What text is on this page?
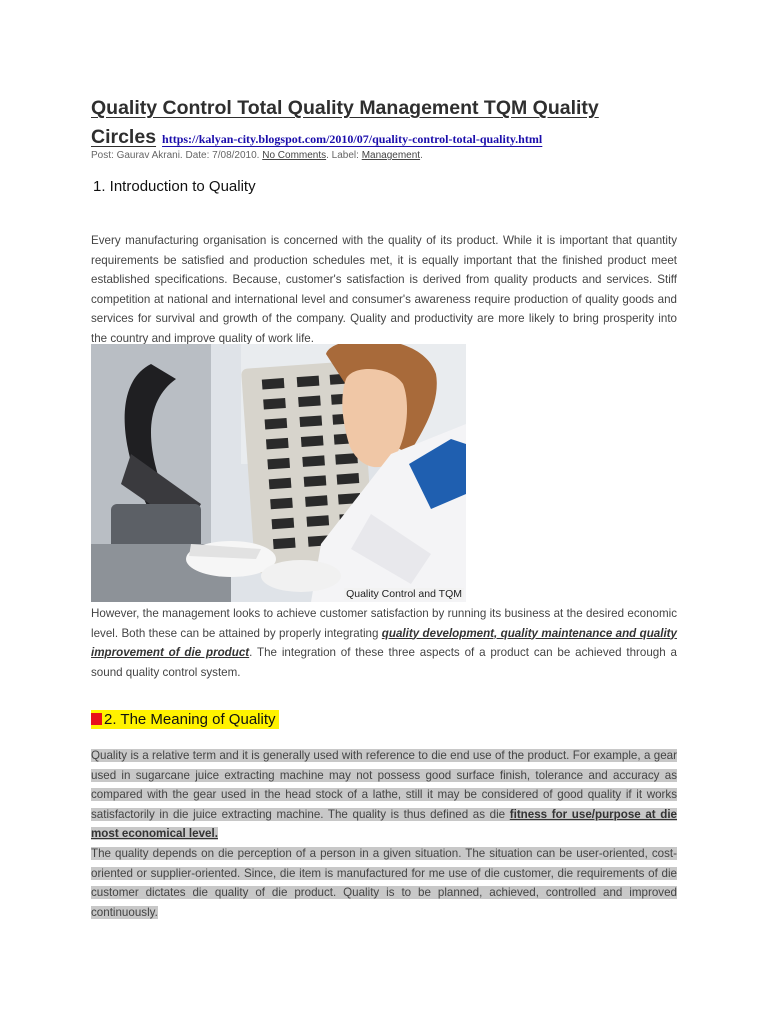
Quality Control Total Quality Management TQM Quality
Circles https://kalyan-city.blogspot.com/2010/07/quality-control-total-quality.html
Post: Gaurav Akrani. Date: 7/08/2010. No Comments. Label: Management.
1. Introduction to Quality
Every manufacturing organisation is concerned with the quality of its product. While it is important that quantity requirements be satisfied and production schedules met, it is equally important that the finished product meet established specifications. Because, customer's satisfaction is derived from quality products and services. Stiff competition at national and international level and consumer's awareness require production of quality goods and services for survival and growth of the company. Quality and productivity are more likely to bring prosperity into the country and improve quality of work life.
Quality Control and TQM
However, the management looks to achieve customer satisfaction by running its business at the desired economic level. Both these can be attained by properly integrating quality development, quality maintenance and quality improvement of die product. The integration of these three aspects of a product can be achieved through a sound quality control system.
2. The Meaning of Quality
Quality is a relative term and it is generally used with reference to die end use of the product. For example, a gear used in sugarcane juice extracting machine may not possess good surface finish, tolerance and accuracy as compared with the gear used in the head stock of a lathe, still it may be considered of good quality if it works satisfactorily in die juice extracting machine. The quality is thus defined as die fitness for use/purpose at die most economical level.
The quality depends on die perception of a person in a given situation. The situation can be user-oriented, cost-oriented or supplier-oriented. Since, die item is manufactured for me use of die customer, die requirements of die customer dictates die quality of die product. Quality is to be planned, achieved, controlled and improved continuously.
